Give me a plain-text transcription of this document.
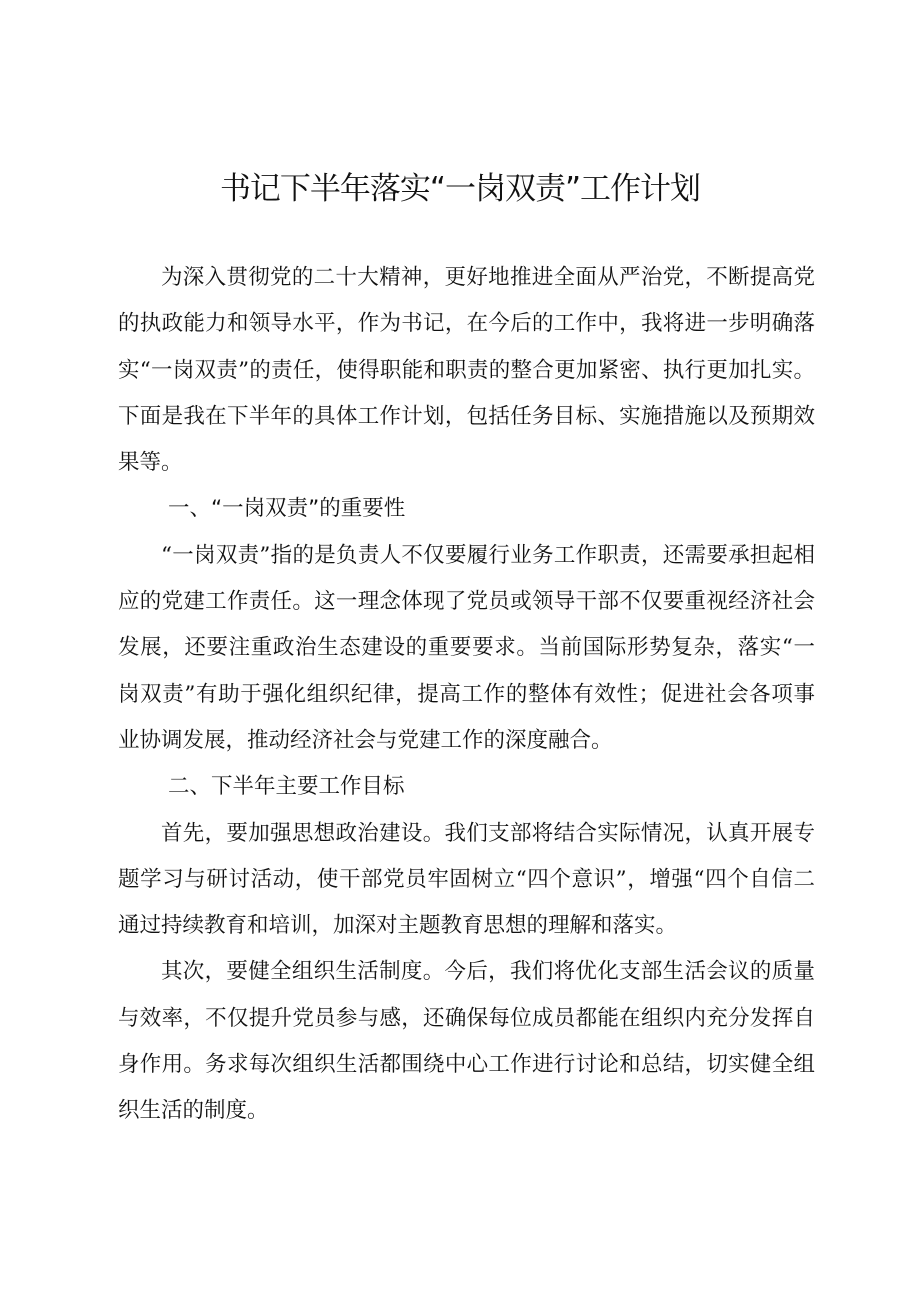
书记下半年落实“一岗双责”工作计划

为深入贯彻党的二十大精神，更好地推进全面从严治党，不断提高党的执政能力和领导水平，作为书记，在今后的工作中，我将进一步明确落实“一岗双责”的责任，使得职能和职责的整合更加紧密、执行更加扎实。下面是我在下半年的具体工作计划，包括任务目标、实施措施以及预期效果等。

一、“一岗双责”的重要性

“一岗双责”指的是负责人不仅要履行业务工作职责，还需要承担起相应的党建工作责任。这一理念体现了党员或领导干部不仅要重视经济社会发展，还要注重政治生态建设的重要要求。当前国际形势复杂，落实“一岗双责”有助于强化组织纪律，提高工作的整体有效性；促进社会各项事业协调发展，推动经济社会与党建工作的深度融合。

二、下半年主要工作目标

首先，要加强思想政治建设。我们支部将结合实际情况，认真开展专题学习与研讨活动，使干部党员牢固树立“四个意识”，增强“四个自信二通过持续教育和培训，加深对主题教育思想的理解和落实。

其次，要健全组织生活制度。今后，我们将优化支部生活会议的质量与效率，不仅提升党员参与感，还确保每位成员都能在组织内充分发挥自身作用。务求每次组织生活都围绕中心工作进行讨论和总结，切实健全组织生活的制度。
